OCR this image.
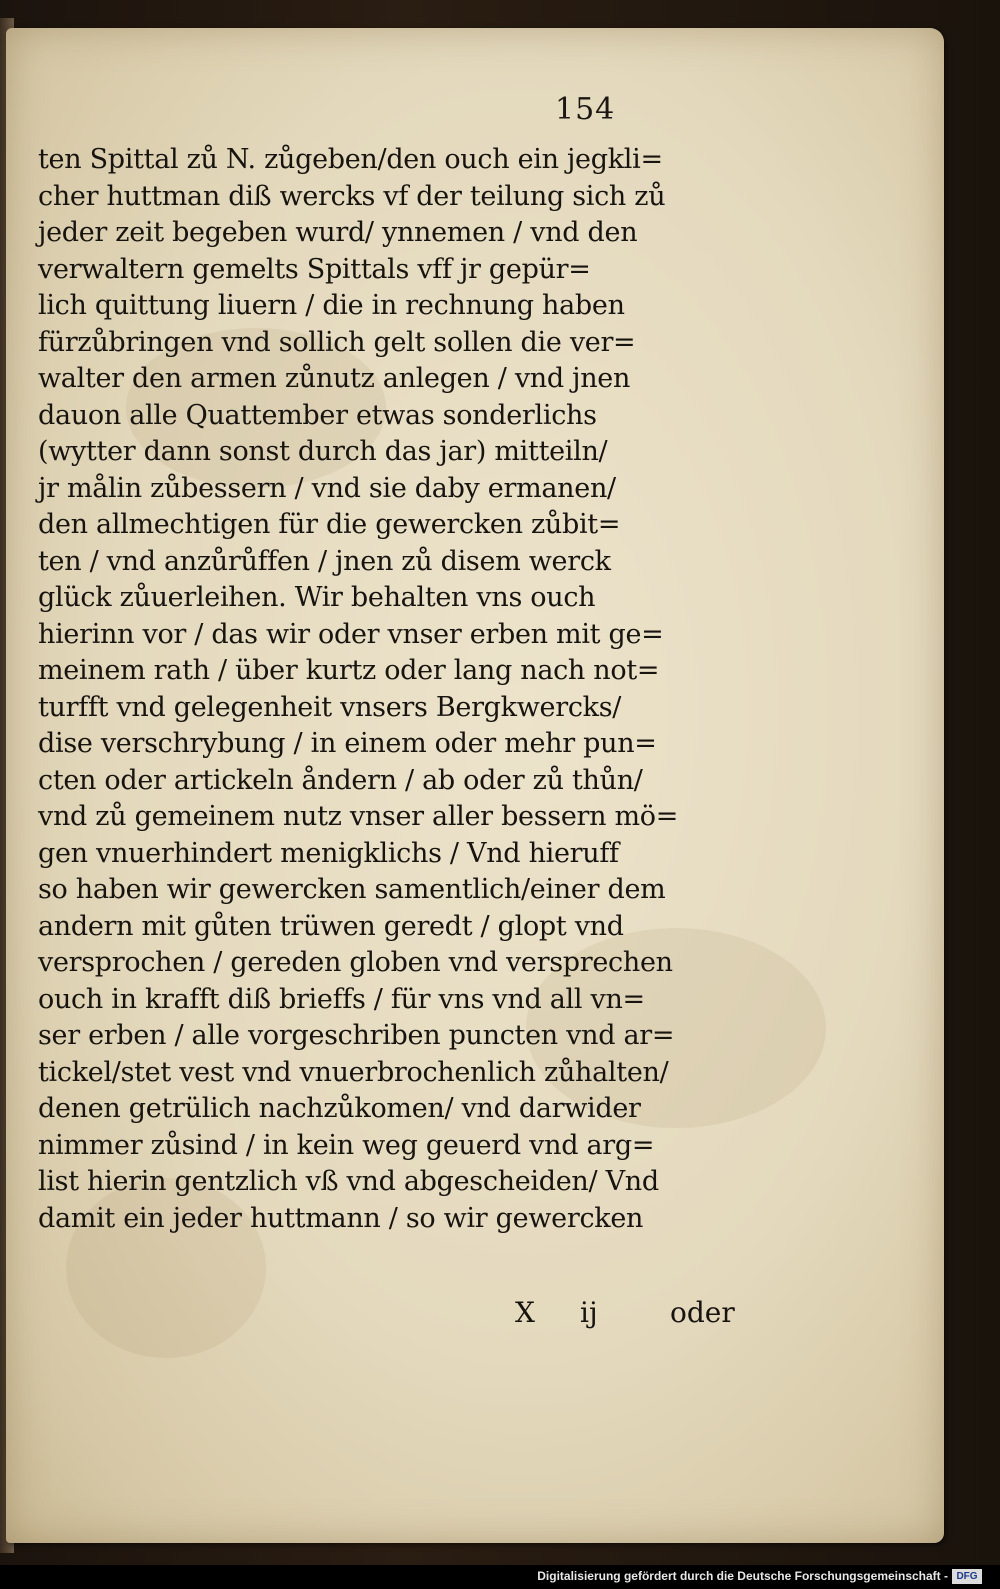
154
ten Spittal zů N. zůgeben/den ouch ein jegkli=
cher huttman diß wercks vf der teilung sich zů
jeder zeit begeben wurd/ ynnemen / vnd den
verwaltern gemelts Spittals vff jr gepür=
lich quittung liuern / die in rechnung haben
fürzůbringen vnd sollich gelt sollen die ver=
walter den armen zůnutz anlegen / vnd jnen
dauon alle Quattember etwas sonderlichs
(wytter dann sonst durch das jar) mitteiln/
jr målin zůbessern / vnd sie daby ermanen/
den allmechtigen für die gewercken zůbit=
ten / vnd anzůrůffen / jnen zů disem werck
glück zůuerleihen. Wir behalten vns ouch
hierinn vor / das wir oder vnser erben mit ge=
meinem rath / über kurtz oder lang nach not=
turfft vnd gelegenheit vnsers Bergkwercks/
dise verschrybung / in einem oder mehr pun=
cten oder artickeln åndern / ab oder zů thůn/
vnd zů gemeinem nutz vnser aller bessern mö=
gen vnuerhindert menigklichs / Vnd hieruff
so haben wir gewercken samentlich/einer dem
andern mit gůten trüwen geredt / glopt vnd
versprochen / gereden globen vnd versprechen
ouch in krafft diß brieffs / für vns vnd all vn=
ser erben / alle vorgeschriben puncten vnd ar=
tickel/stet vest vnd vnuerbrochenlich zůhalten/
denen getrülich nachzůkomen/ vnd darwider
nimmer zůsind / in kein weg geuerd vnd arg=
list hierin gentzlich vß vnd abgescheiden/ Vnd
damit ein jeder huttmann / so wir gewercken
X ij	oder
Digitalisierung gefördert durch die Deutsche Forschungsgemeinschaft - DFG
